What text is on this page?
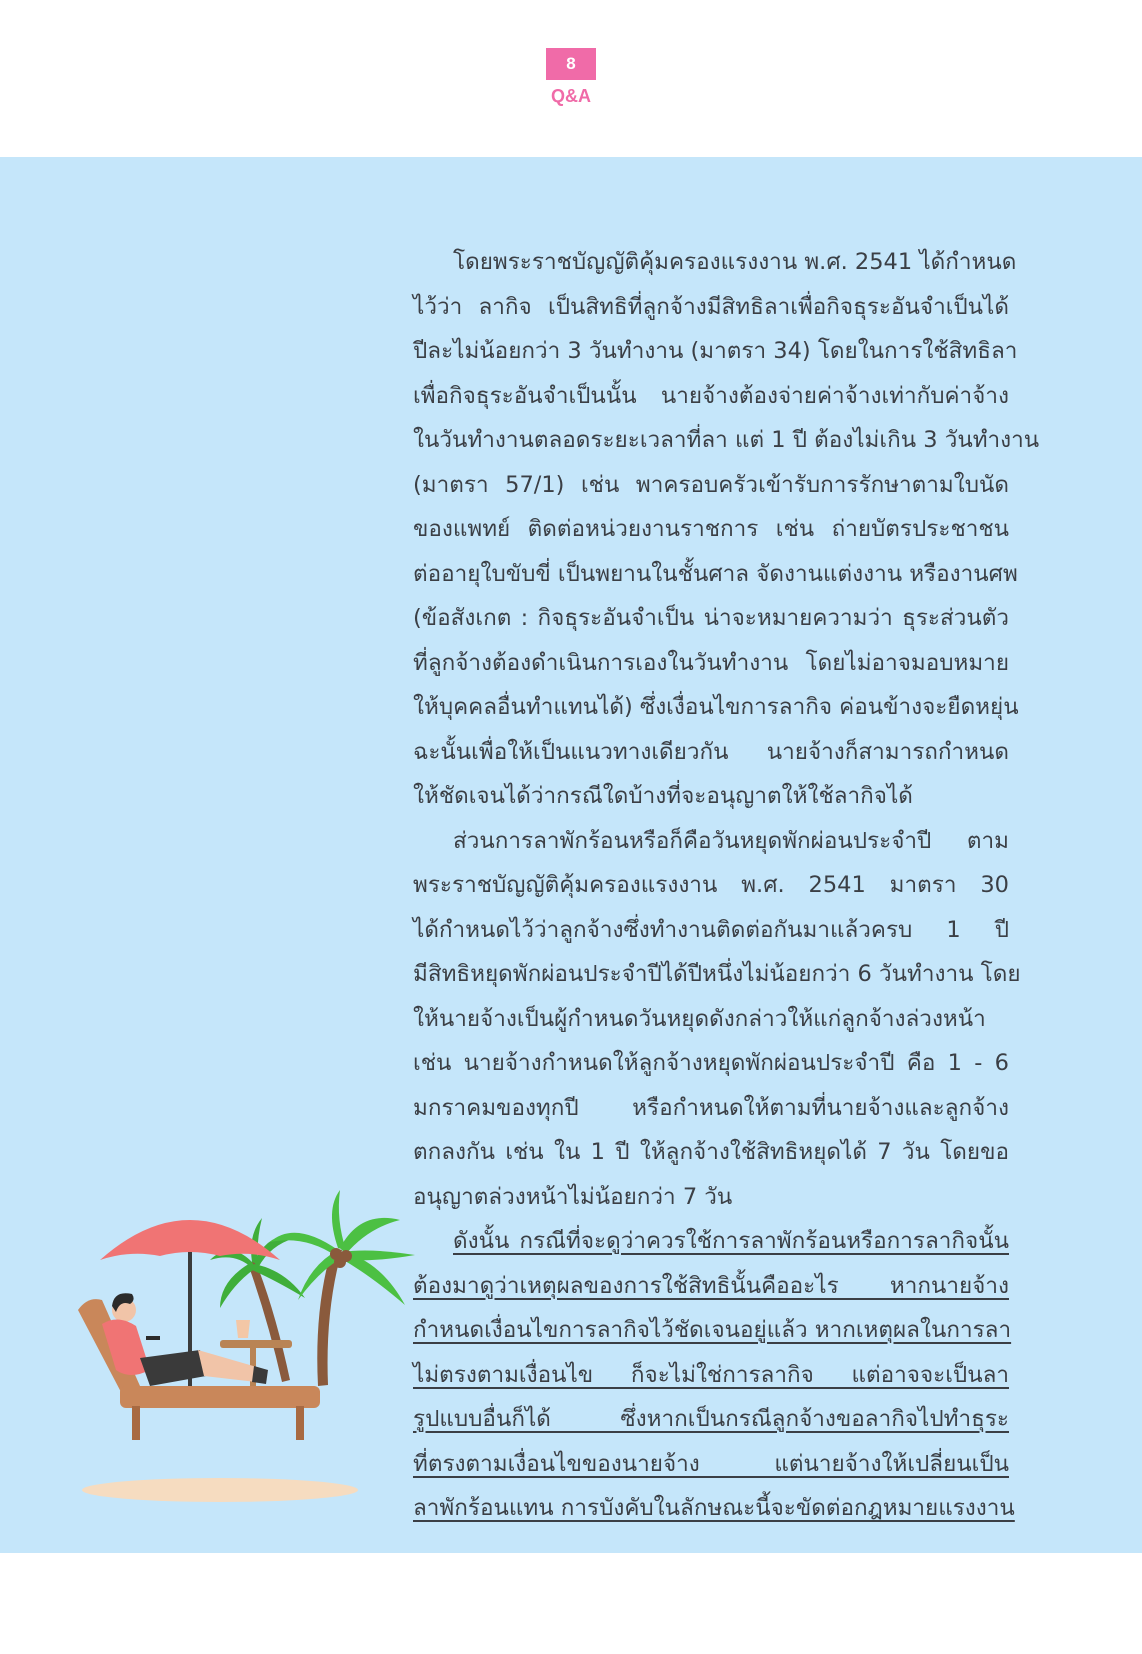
8
Q&A

โดยพระราชบัญญัติคุ้มครองแรงงาน พ.ศ. 2541 ได้กำหนด
ไว้ว่า ลากิจ เป็นสิทธิที่ลูกจ้างมีสิทธิลาเพื่อกิจธุระอันจำเป็นได้
ปีละไม่น้อยกว่า 3 วันทำงาน (มาตรา 34) โดยในการใช้สิทธิลา
เพื่อกิจธุระอันจำเป็นนั้น นายจ้างต้องจ่ายค่าจ้างเท่ากับค่าจ้าง
ในวันทำงานตลอดระยะเวลาที่ลา แต่ 1 ปี ต้องไม่เกิน 3 วันทำงาน
(มาตรา 57/1) เช่น พาครอบครัวเข้ารับการรักษาตามใบนัด
ของแพทย์ ติดต่อหน่วยงานราชการ เช่น ถ่ายบัตรประชาชน
ต่ออายุใบขับขี่ เป็นพยานในชั้นศาล จัดงานแต่งงาน หรืองานศพ
(ข้อสังเกต : กิจธุระอันจำเป็น น่าจะหมายความว่า ธุระส่วนตัว
ที่ลูกจ้างต้องดำเนินการเองในวันทำงาน โดยไม่อาจมอบหมาย
ให้บุคคลอื่นทำแทนได้) ซึ่งเงื่อนไขการลากิจ ค่อนข้างจะยืดหยุ่น
ฉะนั้นเพื่อให้เป็นแนวทางเดียวกัน นายจ้างก็สามารถกำหนด
ให้ชัดเจนได้ว่ากรณีใดบ้างที่จะอนุญาตให้ใช้ลากิจได้

ส่วนการลาพักร้อนหรือก็คือวันหยุดพักผ่อนประจำปี ตาม
พระราชบัญญัติคุ้มครองแรงงาน พ.ศ. 2541 มาตรา 30
ได้กำหนดไว้ว่าลูกจ้างซึ่งทำงานติดต่อกันมาแล้วครบ 1 ปี
มีสิทธิหยุดพักผ่อนประจำปีได้ปีหนึ่งไม่น้อยกว่า 6 วันทำงาน โดย
ให้นายจ้างเป็นผู้กำหนดวันหยุดดังกล่าวให้แก่ลูกจ้างล่วงหน้า
เช่น นายจ้างกำหนดให้ลูกจ้างหยุดพักผ่อนประจำปี คือ 1 - 6
มกราคมของทุกปี หรือกำหนดให้ตามที่นายจ้างและลูกจ้าง
ตกลงกัน เช่น ใน 1 ปี ให้ลูกจ้างใช้สิทธิหยุดได้ 7 วัน โดยขอ
อนุญาตล่วงหน้าไม่น้อยกว่า 7 วัน

ดังนั้น กรณีที่จะดูว่าควรใช้การลาพักร้อนหรือการลากิจนั้น
ต้องมาดูว่าเหตุผลของการใช้สิทธินั้นคืออะไร หากนายจ้าง
กำหนดเงื่อนไขการลากิจไว้ชัดเจนอยู่แล้ว หากเหตุผลในการลา
ไม่ตรงตามเงื่อนไข ก็จะไม่ใช่การลากิจ แต่อาจจะเป็นลา
รูปแบบอื่นก็ได้ ซึ่งหากเป็นกรณีลูกจ้างขอลากิจไปทำธุระ
ที่ตรงตามเงื่อนไขของนายจ้าง แต่นายจ้างให้เปลี่ยนเป็น
ลาพักร้อนแทน การบังคับในลักษณะนี้จะขัดต่อกฎหมายแรงงาน
